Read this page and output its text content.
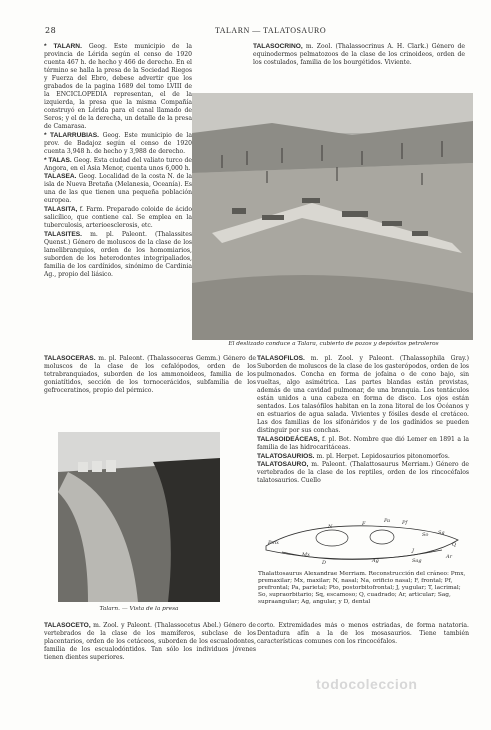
28	TALARN — TALATOSAURO

* TALARN. Geog. Este municipio de la provincia de Lérida según el censo de 1920 cuenta 467 h. de hecho y 466 de derecho. En el término se halla la presa de la Sociedad Riegos y Fuerza del Ebro, debese advertir que los grabados de la pagina 1689 del tomo LVIII de la ENCICLOPEDIA representan, el de la izquierda, la presa que la misma Compañía construyó en Lérida para el canal llamado de Seros; y el de la derecha, un detalle de la presa de Camarasa.

* TALARRUBIAS. Geog. Este municipio de la prov. de Badajoz según el censo de 1920 cuenta 3,948 h. de hecho y 3,988 de derecho.

* TALAS. Geog. Esta ciudad del valiato turco de Angora, en el Asia Menor, cuenta unos 6,000 h.

TALASEA. Geog. Localidad de la costa N. de la isla de Nueva Bretaña (Melanesia, Oceanía). Es una de las que tienen una pequeña población europea.

TALASITA, f. Farm. Preparado coloide de ácido salicílico, que contiene cal. Se emplea en la tuberculosis, arterioesclerosis, etc.

TALASITES. m. pl. Paleont. (Thalassites Quenst.) Género de moluscos de la clase de los lamelibranquios, orden de los homomiarios, suborden de los heterodontes integripaliados, familia de los cardínidos, sinónimo de Cardinia Ag., propio del liásico.

TALASOCRINO, m. Zool. (Thalassocrinus A. H. Clark.) Género de equinodermos pelmatozoos de la clase de los crinoideos, orden de los costulados, familia de los bourgétidos. Viviente.

El deslizado conduce a Talara, cubierto de pozos y depósitos petroleros

TALASOCERAS. m. pl. Paleont. (Thalassoceras Gemm.) Género de moluscos de la clase de los cefalópodos, orden de los tetrabranquiados, suborden de los ammonoideos, familia de los goniatítidos, sección de los tornocerácidos, subfamilia de los gefroceratinos, propio del pérmico.

TALASÓFILOS. m. pl. Zool. y Paleont. (Thalassophila Gray.) Suborden de moluscos de la clase de los gasterópodos, orden de los pulmonados. Concha en forma de jofaina o de cono bajo, sin vueltas, algo asimétrica. Las partes blandas están provistas, además de una cavidad pulmonar, de una branquia. Los tentáculos están unidos a una cabeza en forma de disco. Los ojos están sentados. Los talasófilos habitan en la zona litoral de los Océanos y en estuarios de agua salada. Vivientes y fósiles desde el cretáceo. Las dos familias de los sifonáridos y de los gadínidos se pueden distinguir por sus conchas.

TALASOIDEÁCEAS, f. pl. Bot. Nombre que dió Lemer en 1891 a la familia de las hidrocaritáceas.

TALATOSAURIOS. m. pl. Herpet. Lepidosaurios pitonomorfos.

TALATOSAURO, m. Paleont. (Thalattosaurus Merriam.) Género de vertebrados de la clase de los reptiles, orden de los rincocéfalos talatosaurios. Cuello

Talarn. — Vista de la presa
Pmx
Mx
N	F	Pf
Pa
J
So Sq
Q
Ar
Sag
Ag
D
Thalattosaurus Alexandrae Merriam. Reconstrucción del cráneo: Pmx, premaxilar; Mx, maxilar; N, nasal; Na, orificio nasal; F, frontal; Pf, prefrontal; Pa, parietal; Pto, postorbitofrontal; J, yugular; T, lacrimal; So, supraorbitario; Sq, escamoso; Q, cuadrado; Ar, articular; Sag, supraangular; Ag, angular, y D, dental

TALASOCETO, m. Zool. y Paleont. (Thalassocetus Abel.) Género de vertebrados de la clase de los mamíferos, subclase de los placentarios, orden de los cetáceos, suborden de los escualodontes, familia de los escualodóntidos. Tan sólo los individuos jóvenes tienen dientes superiores.

corto. Extremidades más o menos estriadas, de forma natatoria. Dentadura afín a la de los mosasaurios. Tiene también características comunes con los rincocéfalos.

todocoleccion
